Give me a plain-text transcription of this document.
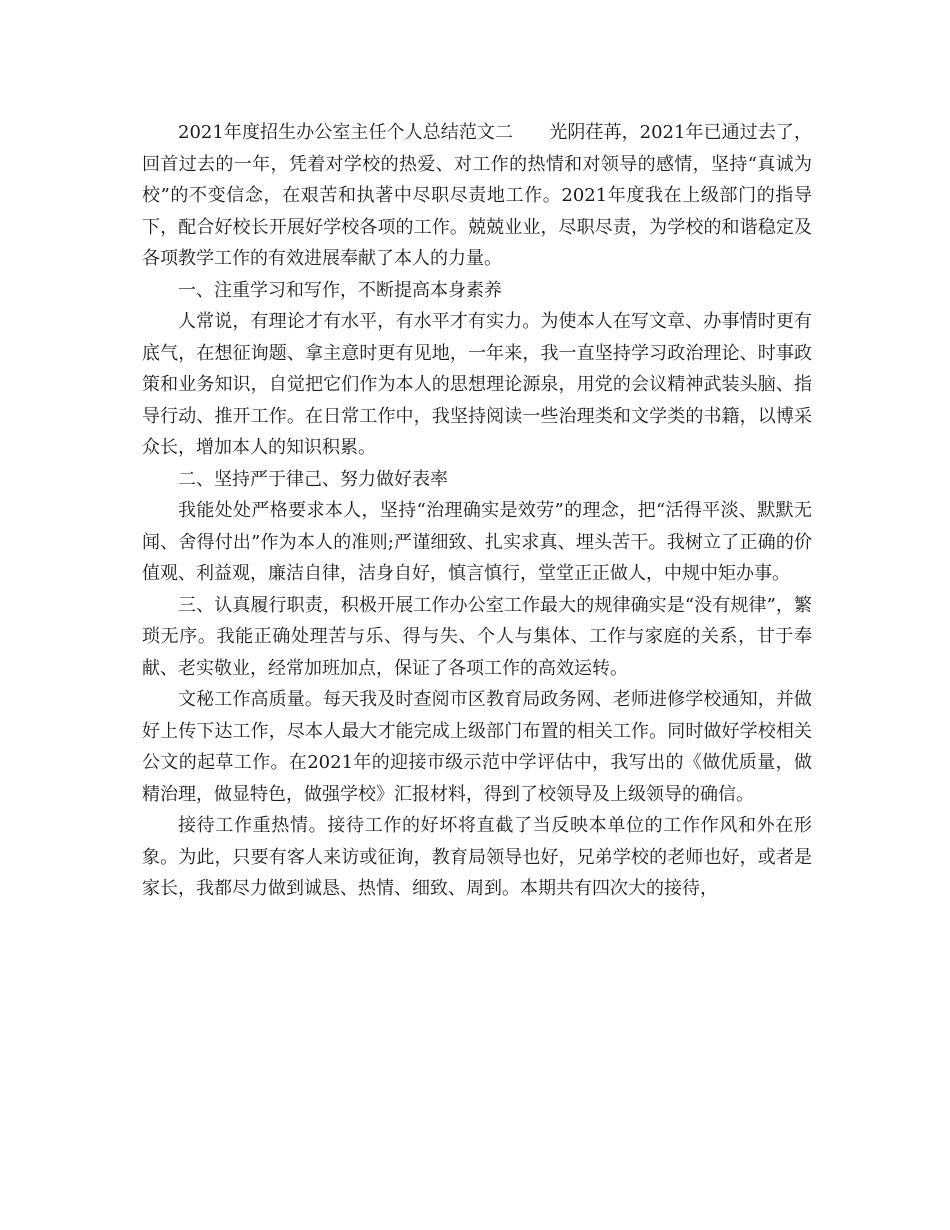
2021年度招生办公室主任个人总结范文二　　光阴荏苒，2021年已通过去了，回首过去的一年，凭着对学校的热爱、对工作的热情和对领导的感情，坚持“真诚为校”的不变信念，在艰苦和执著中尽职尽责地工作。2021年度我在上级部门的指导下，配合好校长开展好学校各项的工作。兢兢业业，尽职尽责，为学校的和谐稳定及各项教学工作的有效进展奉献了本人的力量。

一、注重学习和写作，不断提高本身素养

人常说，有理论才有水平，有水平才有实力。为使本人在写文章、办事情时更有底气，在想征询题、拿主意时更有见地，一年来，我一直坚持学习政治理论、时事政策和业务知识，自觉把它们作为本人的思想理论源泉，用党的会议精神武装头脑、指导行动、推开工作。在日常工作中，我坚持阅读一些治理类和文学类的书籍，以博采众长，增加本人的知识积累。

二、坚持严于律己、努力做好表率

我能处处严格要求本人，坚持“治理确实是效劳”的理念，把“活得平淡、默默无闻、舍得付出”作为本人的准则;严谨细致、扎实求真、埋头苦干。我树立了正确的价值观、利益观，廉洁自律，洁身自好，慎言慎行，堂堂正正做人，中规中矩办事。

三、认真履行职责，积极开展工作办公室工作最大的规律确实是“没有规律”，繁琐无序。我能正确处理苦与乐、得与失、个人与集体、工作与家庭的关系，甘于奉献、老实敬业，经常加班加点，保证了各项工作的高效运转。

文秘工作高质量。每天我及时查阅市区教育局政务网、老师进修学校通知，并做好上传下达工作，尽本人最大才能完成上级部门布置的相关工作。同时做好学校相关公文的起草工作。在2021年的迎接市级示范中学评估中，我写出的《做优质量，做精治理，做显特色，做强学校》汇报材料，得到了校领导及上级领导的确信。

接待工作重热情。接待工作的好坏将直截了当反映本单位的工作作风和外在形象。为此，只要有客人来访或征询，教育局领导也好，兄弟学校的老师也好，或者是家长，我都尽力做到诚恳、热情、细致、周到。本期共有四次大的接待，
